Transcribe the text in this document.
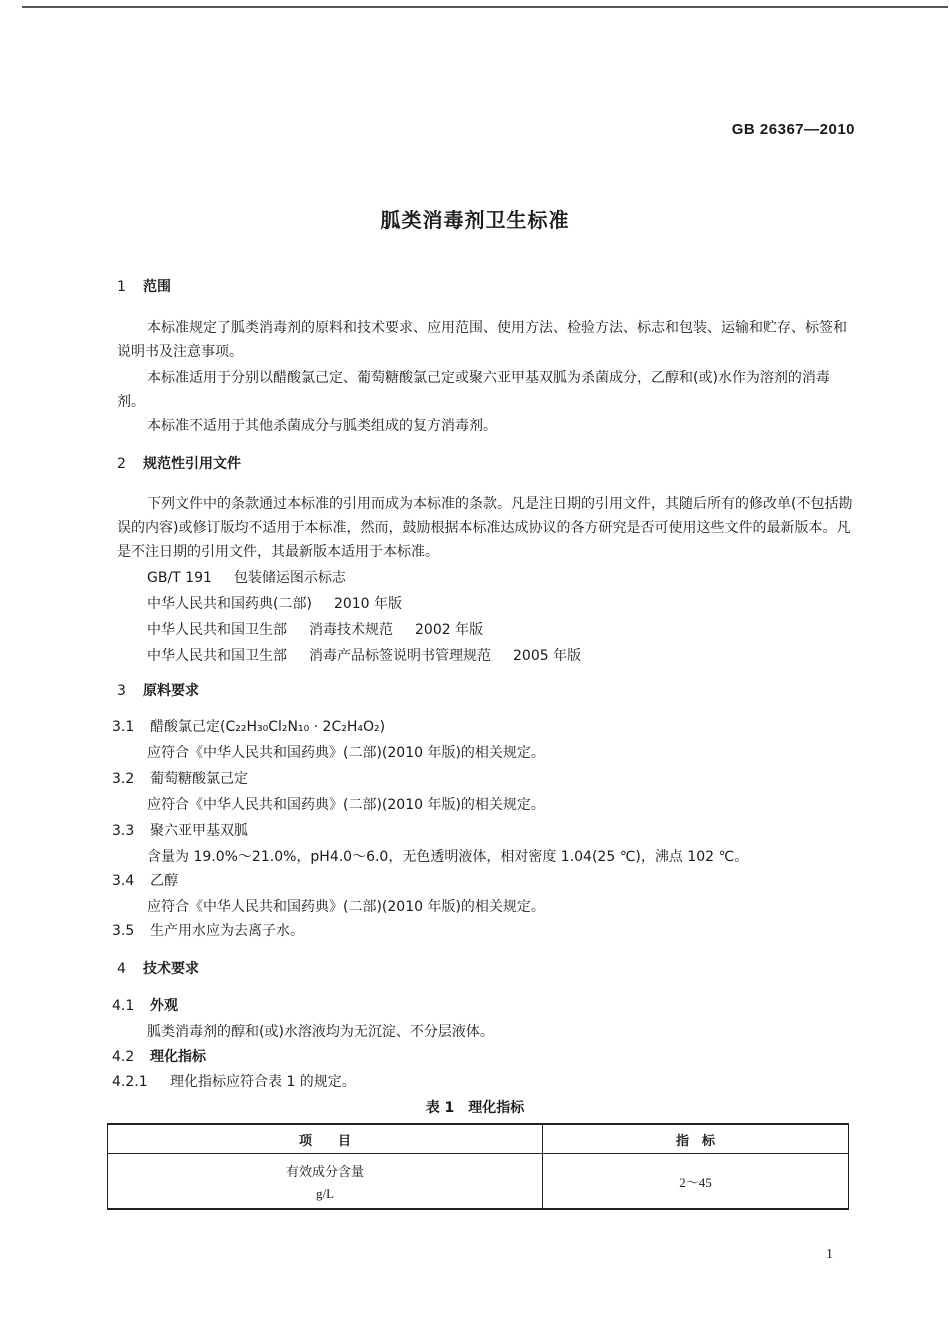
GB 26367—2010
胍类消毒剂卫生标准
1 范围
本标准规定了胍类消毒剂的原料和技术要求、应用范围、使用方法、检验方法、标志和包装、运输和贮存、标签和说明书及注意事项。
本标准适用于分别以醋酸氯己定、葡萄糖酸氯己定或聚六亚甲基双胍为杀菌成分，乙醇和(或)水作为溶剂的消毒剂。
本标准不适用于其他杀菌成分与胍类组成的复方消毒剂。
2 规范性引用文件
下列文件中的条款通过本标准的引用而成为本标准的条款。凡是注日期的引用文件，其随后所有的修改单(不包括勘误的内容)或修订版均不适用于本标准，然而，鼓励根据本标准达成协议的各方研究是否可使用这些文件的最新版本。凡是不注日期的引用文件，其最新版本适用于本标准。
GB/T 191 包装储运图示标志
中华人民共和国药典(二部) 2010 年版
中华人民共和国卫生部 消毒技术规范 2002 年版
中华人民共和国卫生部 消毒产品标签说明书管理规范 2005 年版
3 原料要求
3.1 醋酸氯己定(C₂₂H₃₀Cl₂N₁₀ · 2C₂H₄O₂)
应符合《中华人民共和国药典》(二部)(2010 年版)的相关规定。
3.2 葡萄糖酸氯己定
应符合《中华人民共和国药典》(二部)(2010 年版)的相关规定。
3.3 聚六亚甲基双胍
含量为 19.0%～21.0%，pH4.0～6.0，无色透明液体，相对密度 1.04(25 ℃)，沸点 102 ℃。
3.4 乙醇
应符合《中华人民共和国药典》(二部)(2010 年版)的相关规定。
3.5 生产用水应为去离子水。
4 技术要求
4.1 外观
胍类消毒剂的醇和(或)水溶液均为无沉淀、不分层液体。
4.2 理化指标
4.2.1 理化指标应符合表 1 的规定。
表 1　理化指标
项　　目	指　标

有效成分含量
g/L	2～45
1
